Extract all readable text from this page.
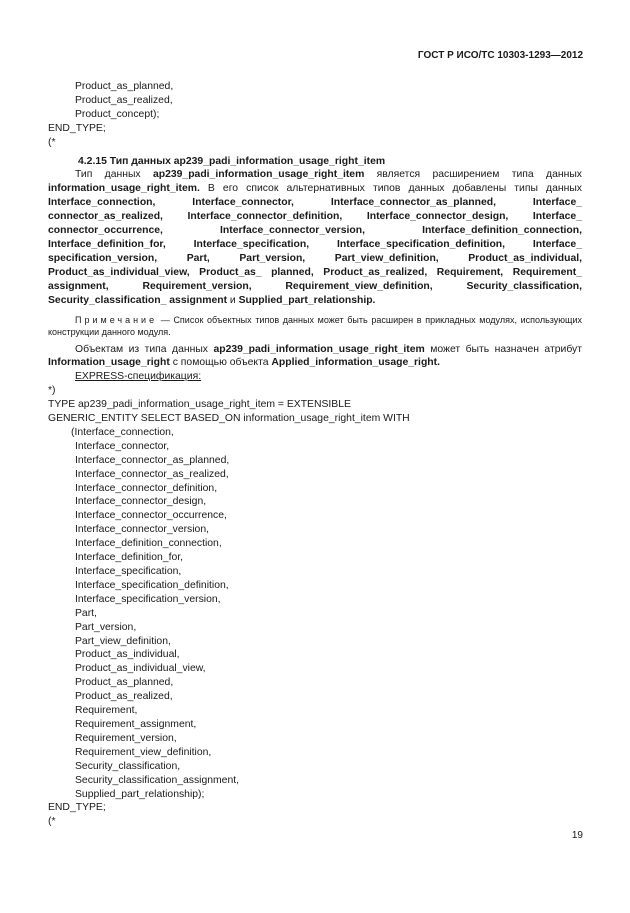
ГОСТ Р ИСО/ТС 10303-1293—2012
Product_as_planned,
Product_as_realized,
Product_concept);
END_TYPE;
(*
4.2.15 Тип данных ap239_padi_information_usage_right_item

Тип данных ap239_padi_information_usage_right_item является расширением типа данных information_usage_right_item. В его список альтернативных типов данных добавлены типы данных Interface_connection, Interface_connector, Interface_connector_as_planned, Interface_ connector_as_realized, Interface_connector_definition, Interface_connector_design, Interface_ connector_occurrence, Interface_connector_version, Interface_definition_connection, Interface_definition_for, Interface_specification, Interface_specification_definition, Interface_ specification_version, Part, Part_version, Part_view_definition, Product_as_individual, Product_as_individual_view, Product_as_ planned, Product_as_realized, Requirement, Requirement_ assignment, Requirement_version, Requirement_view_definition, Security_classification, Security_classification_ assignment и Supplied_part_relationship.

Примечание — Список объектных типов данных может быть расширен в прикладных модулях, использующих конструкции данного модуля.

Объектам из типа данных ap239_padi_information_usage_right_item может быть назначен атрибут Information_usage_right с помощью объекта Applied_information_usage_right.

EXPRESS-спецификация:
*)
TYPE ap239_padi_information_usage_right_item = EXTENSIBLE
GENERIC_ENTITY SELECT BASED_ON information_usage_right_item WITH
(Interface_connection,
Interface_connector,
Interface_connector_as_planned,
Interface_connector_as_realized,
Interface_connector_definition,
Interface_connector_design,
Interface_connector_occurrence,
Interface_connector_version,
Interface_definition_connection,
Interface_definition_for,
Interface_specification,
Interface_specification_definition,
Interface_specification_version,
Part,
Part_version,
Part_view_definition,
Product_as_individual,
Product_as_individual_view,
Product_as_planned,
Product_as_realized,
Requirement,
Requirement_assignment,
Requirement_version,
Requirement_view_definition,
Security_classification,
Security_classification_assignment,
Supplied_part_relationship);
END_TYPE;
(*
19
